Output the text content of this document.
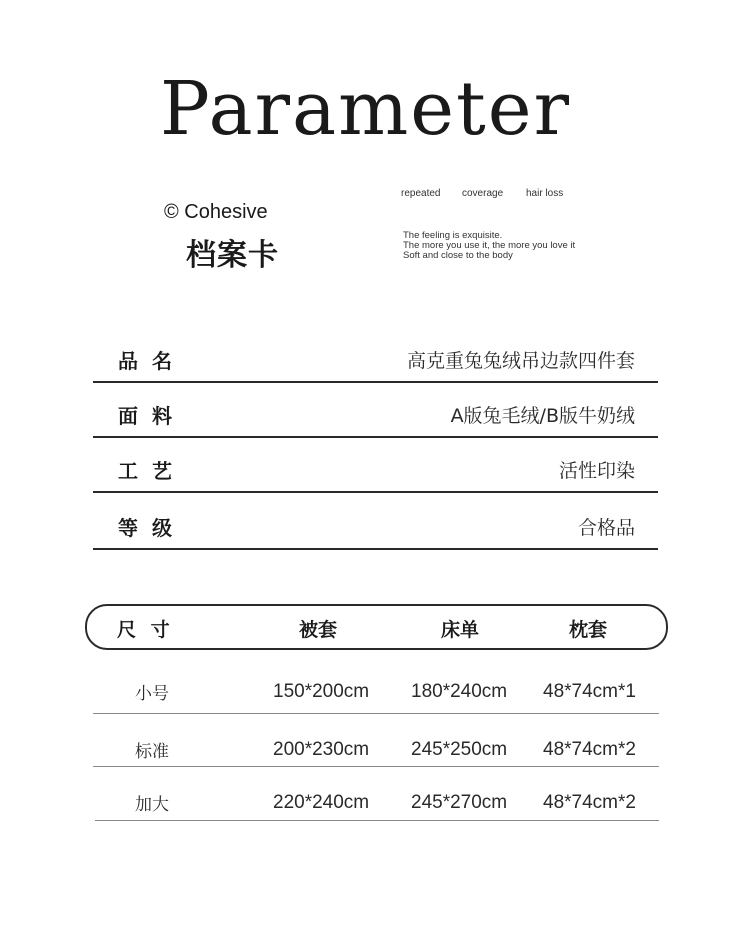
Parameter
© Cohesive
档案卡
repeated coverage hair loss
The feeling is exquisite.
The more you use it, the more you love it
Soft and close to the body
品名	高克重兔兔绒吊边款四件套
面料	A版兔毛绒/B版牛奶绒
工艺	活性印染
等级	合格品
尺 寸	被套	床单	枕套
小号	150*200cm 180*240cm 48*74cm*1
标准	200*230cm 245*250cm 48*74cm*2
加大	220*240cm 245*270cm 48*74cm*2
